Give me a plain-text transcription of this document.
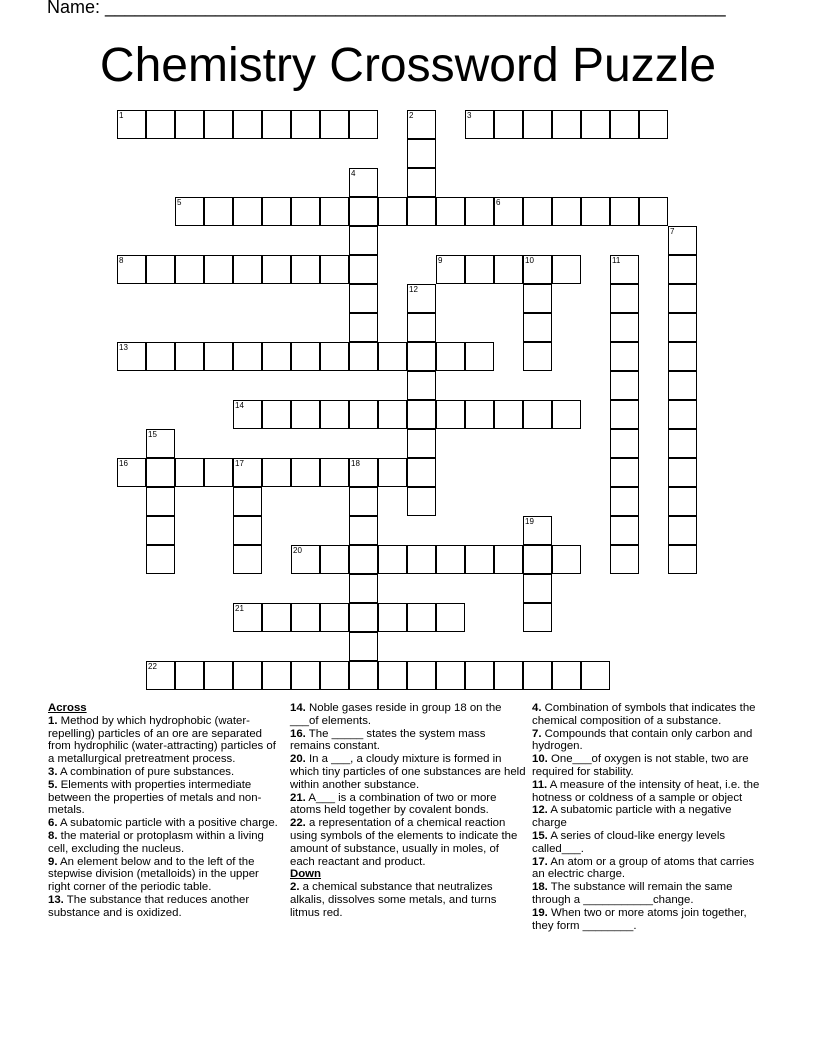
Name: ______________________________________________________________
Chemistry Crossword Puzzle
1	3
5	6
8	9	10
13
14
16	17	18
20
21
22
2
4
7
11
12
15
19
Across
1. Method by which hydrophobic (water-repelling) particles of an ore are separated from hydrophilic (water-attracting) particles of a metallurgical pretreatment process.
3. A combination of pure substances.
5. Elements with properties intermediate between the properties of metals and non-metals.
6. A subatomic particle with a positive charge.
8. the material or protoplasm within a living cell, excluding the nucleus.
9. An element below and to the left of the stepwise division (metalloids) in the upper right corner of the periodic table.
13. The substance that reduces another substance and is oxidized.
14. Noble gases reside in group 18 on the ___of elements.
16. The _____ states the system mass remains constant.
20. In a ___, a cloudy mixture is formed in which tiny particles of one substances are held within another substance.
21. A___ is a combination of two or more atoms held together by covalent bonds.
22. a representation of a chemical reaction using symbols of the elements to indicate the amount of substance, usually in moles, of each reactant and product.
Down
2. a chemical substance that neutralizes alkalis, dissolves some metals, and turns litmus red.
4. Combination of symbols that indicates the chemical composition of a substance.
7. Compounds that contain only carbon and hydrogen.
10. One___of oxygen is not stable, two are required for stability.
11. A measure of the intensity of heat, i.e. the hotness or coldness of a sample or object
12. A subatomic particle with a negative charge
15. A series of cloud-like energy levels called___.
17. An atom or a group of atoms that carries an electric charge.
18. The substance will remain the same through a ___________change.
19. When two or more atoms join together, they form ________.
